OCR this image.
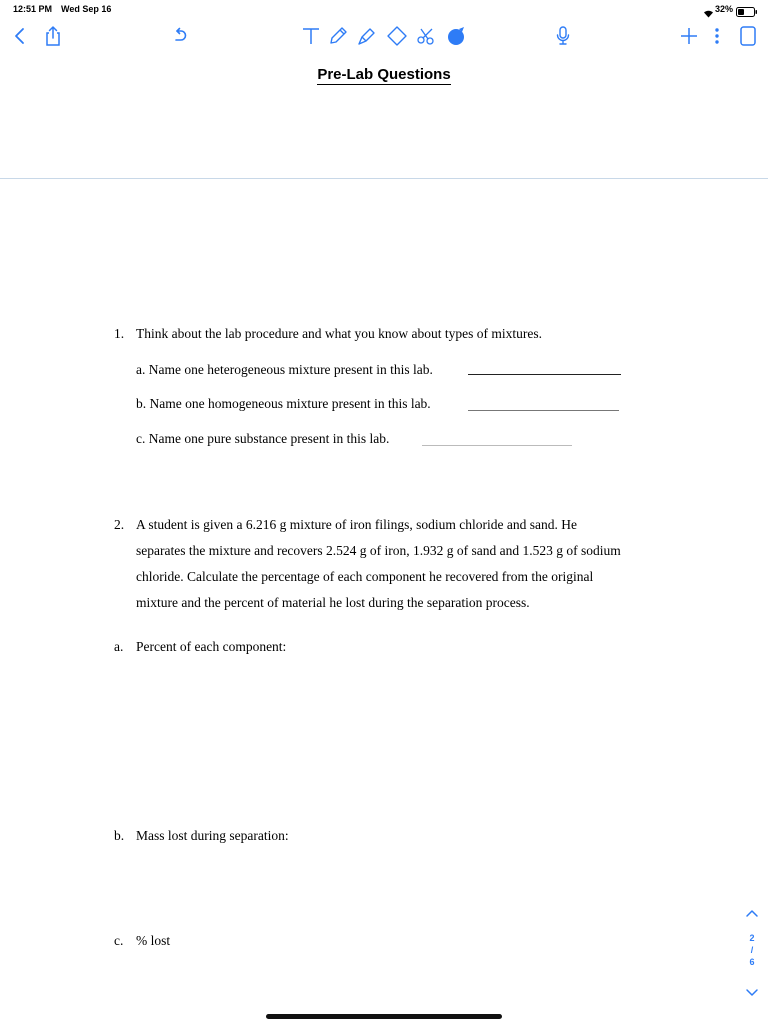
12:51 PM Wed Sep 16	32%
Pre-Lab Questions
1. Think about the lab procedure and what you know about types of mixtures.
a. Name one heterogeneous mixture present in this lab.
b. Name one homogeneous mixture present in this lab.
c. Name one pure substance present in this lab.
2. A student is given a 6.216 g mixture of iron filings, sodium chloride and sand. He
separates the mixture and recovers 2.524 g of iron, 1.932 g of sand and 1.523 g of sodium
chloride. Calculate the percentage of each component he recovered from the original
mixture and the percent of material he lost during the separation process.
a. Percent of each component:
b. Mass lost during separation:
c. % lost	2
/
6
